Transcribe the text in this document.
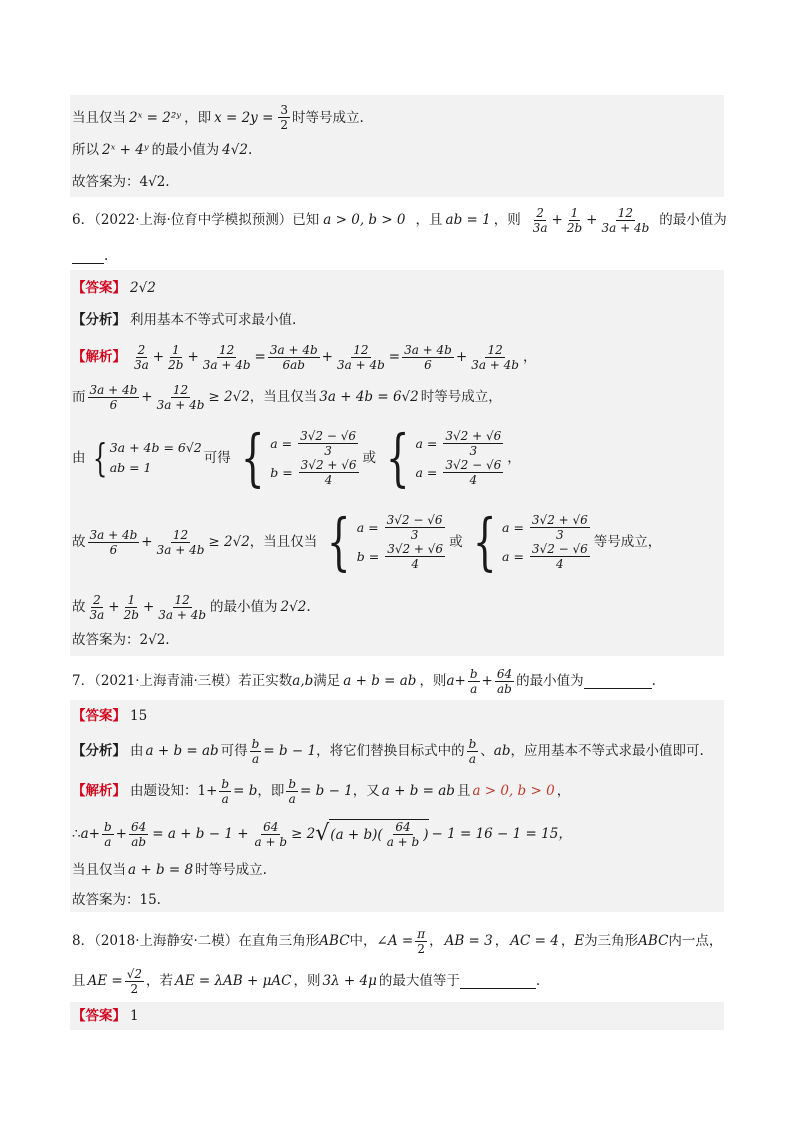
当且仅当 2ˣ = 2²ʸ ，即 $x = 2y = \frac{3}{2}$ 时等号成立.
所以 2ˣ + 4ʸ 的最小值为 4√2 .
故答案为：4√2.
6．（2022·上海·位育中学模拟预测）已知 a > 0, b > 0 ，且 ab = 1 ，则 $\frac{2}{3a} + \frac{1}{2b} + \frac{12}{3a + 4b}$ 的最小值为
.
【答案】 2√2
【分析】 利用基本不等式可求最小值.
【解析】 $\frac{2}{3a} + \frac{1}{2b} + \frac{12}{3a + 4b} = \frac{3a + 4b}{6ab} + \frac{12}{3a + 4b} = \frac{3a + 4b}{6} + \frac{12}{3a + 4b}$ ，
而 $\frac{3a + 4b}{6} + \frac{12}{3a + 4b} \ge 2√2$ ，当且仅当 3a + 4b = 6√2 时等号成立，
由 { 3a + 4b = 6√2
ab = 1
可得 { $a = \frac{3√2 - √6}{3}$
$b = \frac{3√2 + √6}{4}$ 或 { $a = \frac{3√2 + √6}{3}$
$a = \frac{3√2 - √6}{4}$ ，
故 $\frac{3a + 4b}{6} + \frac{12}{3a + 4b} \ge 2√2$ ，当且仅当 { $a = \frac{3√2 - √6}{3}$
$b = \frac{3√2 + √6}{4}$ 或 { $a = \frac{3√2 + √6}{3}$
$a = \frac{3√2 - √6}{4}$ 等号成立，
故 $\frac{2}{3a} + \frac{1}{2b} + \frac{12}{3a + 4b}$ 的最小值为 2√2 .
故答案为：2√2.
7．（2021·上海青浦·三模）若正实数 a,b 满足 a + b = ab ，则 $a + \frac{b}{a} + \frac{64}{ab}$ 的最小值为	.
【答案】 15
【分析】 由 a + b = ab 可得 $\frac{b}{a} = b - 1$ ，将它们替换目标式中的 $\frac{b}{a}$ 、 ab ，应用基本不等式求最小值即可.
【解析】 由题设知： $1+ \frac{b}{a} = b$ ，即 $\frac{b}{a} = b - 1$ ，又 a + b = ab 且 a > 0, b > 0 ，
∴ $a + \frac{b}{a} + \frac{64}{ab} = a + b - 1 + \frac{64}{a + b} \ge 2$ √ $(a + b)( \frac{64}{a + b}$ ) − 1 = 16 − 1 = 15，
当且仅当 a + b = 8 时等号成立.
故答案为：15.
8．（2018·上海静安·二模）在直角三角形 ABC 中， ∠A = $\frac{\pi}{2}$ ， AB = 3 ， AC = 4 ， E 为三角形 ABC 内一点，
且 AE = $\frac{√2}{2}$ ，若 AE = λAB + μAC ，则 3λ + 4μ 的最大值等于	.
【答案】 1
